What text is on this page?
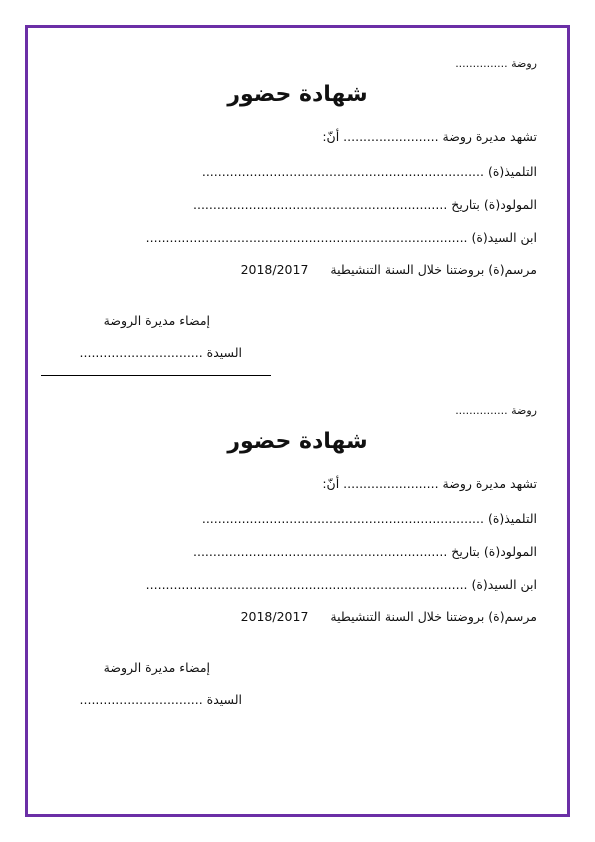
روضة ...............
شهادة حضور
تشهد مديرة روضة ........................ أنّ:
التلميذ(ة) .......................................................................
المولود(ة) بتاريخ ................................................................
ابن السيد(ة) .................................................................................
مرسم(ة) بروضتنا خلال السنة التنشيطية  2018/2017
إمضاء مديرة الروضة
السيدة ...............................
روضة ...............
شهادة حضور
تشهد مديرة روضة ........................ أنّ:
التلميذ(ة) .......................................................................
المولود(ة) بتاريخ ................................................................
ابن السيد(ة) .................................................................................
مرسم(ة) بروضتنا خلال السنة التنشيطية  2018/2017
إمضاء مديرة الروضة
السيدة ...............................
